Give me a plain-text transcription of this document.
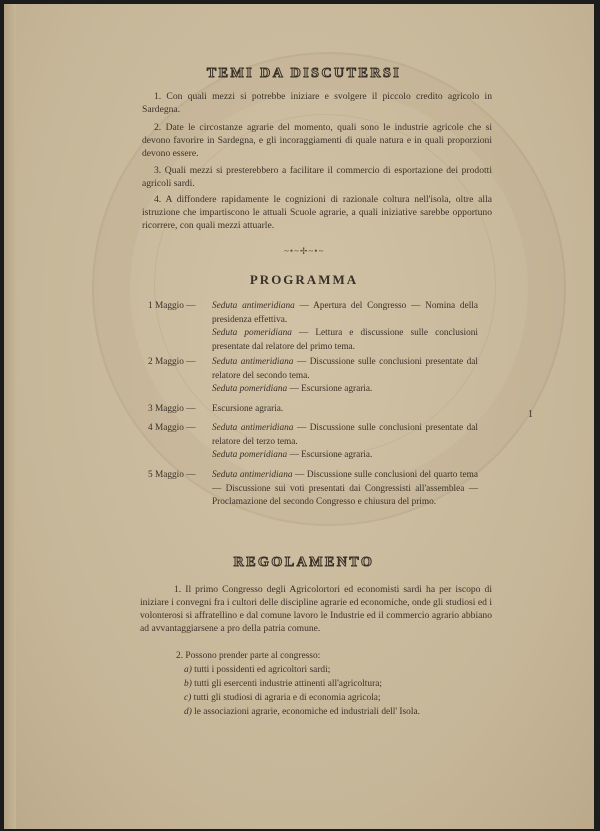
TEMI DA DISCUTERSI
1. Con quali mezzi si potrebbe iniziare e svolgere il piccolo credito agricolo in Sardegna.
2. Date le circostanze agrarie del momento, quali sono le industrie agricole che si devono favorire in Sardegna, e gli incoraggiamenti di quale natura e in quali proporzioni devono essere.
3. Quali mezzi si presterebbero a facilitare il commercio di esportazione dei prodotti agricoli sardi.
4. A diffondere rapidamente le cognizioni di razionale coltura nell'isola, oltre alla istruzione che impartiscono le attuali Scuole agrarie, a quali iniziative sarebbe opportuno ricorrere, con quali mezzi attuarle.
~•~✢~•~
PROGRAMMA
1 Maggio —	Seduta antimeridiana — Apertura del Congresso — Nomina della presidenza effettiva.
Seduta pomeridiana — Lettura e discussione sulle conclusioni presentate dal relatore del primo tema.
2 Maggio —	Seduta antimeridiana — Discussione sulle conclusioni presentate dal relatore del secondo tema.
Seduta pomeridiana — Escursione agraria.
3 Maggio —	Escursione agraria.
4 Maggio —	Seduta antimeridiana — Discussione sulle conclusioni presentate dal relatore del terzo tema.
Seduta pomeridiana — Escursione agraria.
5 Maggio —	Seduta antimeridiana — Discussione sulle conclusioni del quarto tema — Discussione sui voti presentati dai Congressisti all'assemblea — Proclamazione del secondo Congresso e chiusura del primo.
1
REGOLAMENTO
1. Il primo Congresso degli Agricolortori ed economisti sardi ha per iscopo di iniziare i convegni fra i cultori delle discipline agrarie ed economiche, onde gli studiosi ed i volonterosi si affratellino e dal comune lavoro le Industrie ed il commercio agrario abbiano ad avvantaggiarsene a pro della patria comune.
2. Possono prender parte al congresso:
a) tutti i possidenti ed agricoltori sardi;
b) tutti gli esercenti industrie attinenti all'agricoltura;
c) tutti gli studiosi di agraria e di economia agricola;
d) le associazioni agrarie, economiche ed industriali dell' Isola.
